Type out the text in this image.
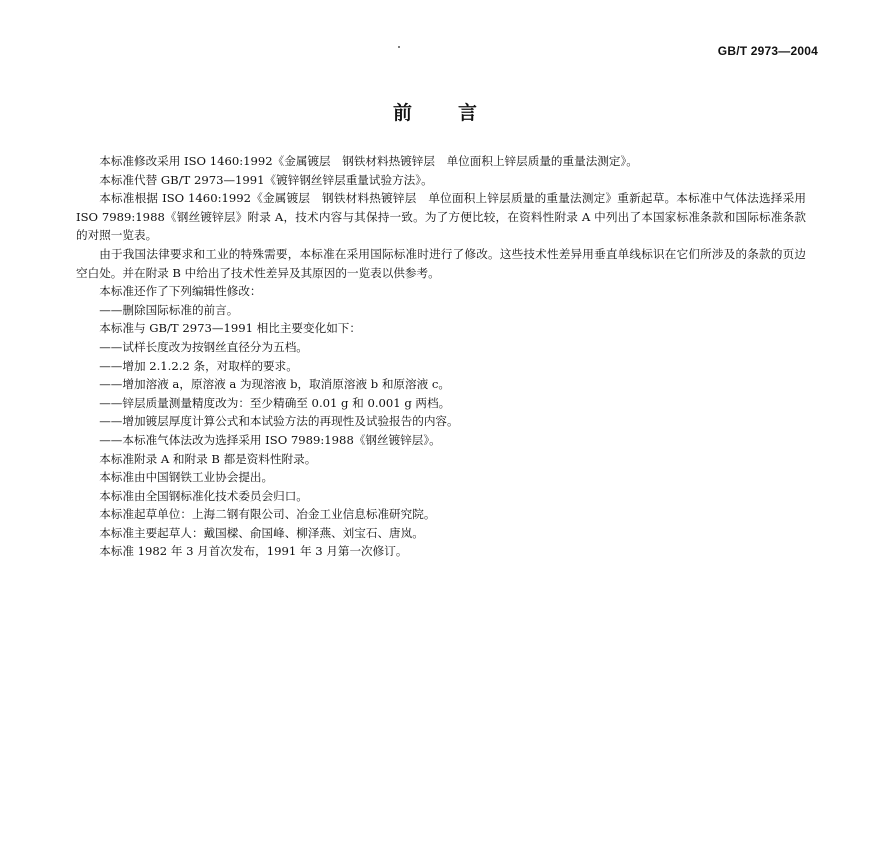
GB/T 2973—2004
前言

本标准修改采用 ISO 1460:1992《金属镀层　钢铁材料热镀锌层　单位面积上锌层质量的重量法测定》。

本标准代替 GB/T 2973—1991《镀锌钢丝锌层重量试验方法》。

本标准根据 ISO 1460:1992《金属镀层　钢铁材料热镀锌层　单位面积上锌层质量的重量法测定》重新起草。本标准中气体法选择采用 ISO 7989:1988《钢丝镀锌层》附录 A，技术内容与其保持一致。为了方便比较，在资料性附录 A 中列出了本国家标准条款和国际标准条款的对照一览表。

由于我国法律要求和工业的特殊需要，本标准在采用国际标准时进行了修改。这些技术性差异用垂直单线标识在它们所涉及的条款的页边空白处。并在附录 B 中给出了技术性差异及其原因的一览表以供参考。

本标准还作了下列编辑性修改：

——删除国际标准的前言。

本标准与 GB/T 2973—1991 相比主要变化如下：

——试样长度改为按钢丝直径分为五档。

——增加 2.1.2.2 条，对取样的要求。

——增加溶液 a，原溶液 a 为现溶液 b，取消原溶液 b 和原溶液 c。

——锌层质量测量精度改为：至少精确至 0.01 g 和 0.001 g 两档。

——增加镀层厚度计算公式和本试验方法的再现性及试验报告的内容。

——本标准气体法改为选择采用 ISO 7989:1988《钢丝镀锌层》。

本标准附录 A 和附录 B 都是资料性附录。

本标准由中国钢铁工业协会提出。

本标准由全国钢标准化技术委员会归口。

本标准起草单位：上海二钢有限公司、冶金工业信息标准研究院。

本标准主要起草人：戴国樑、俞国峰、柳泽燕、刘宝石、唐岚。

本标准 1982 年 3 月首次发布，1991 年 3 月第一次修订。
